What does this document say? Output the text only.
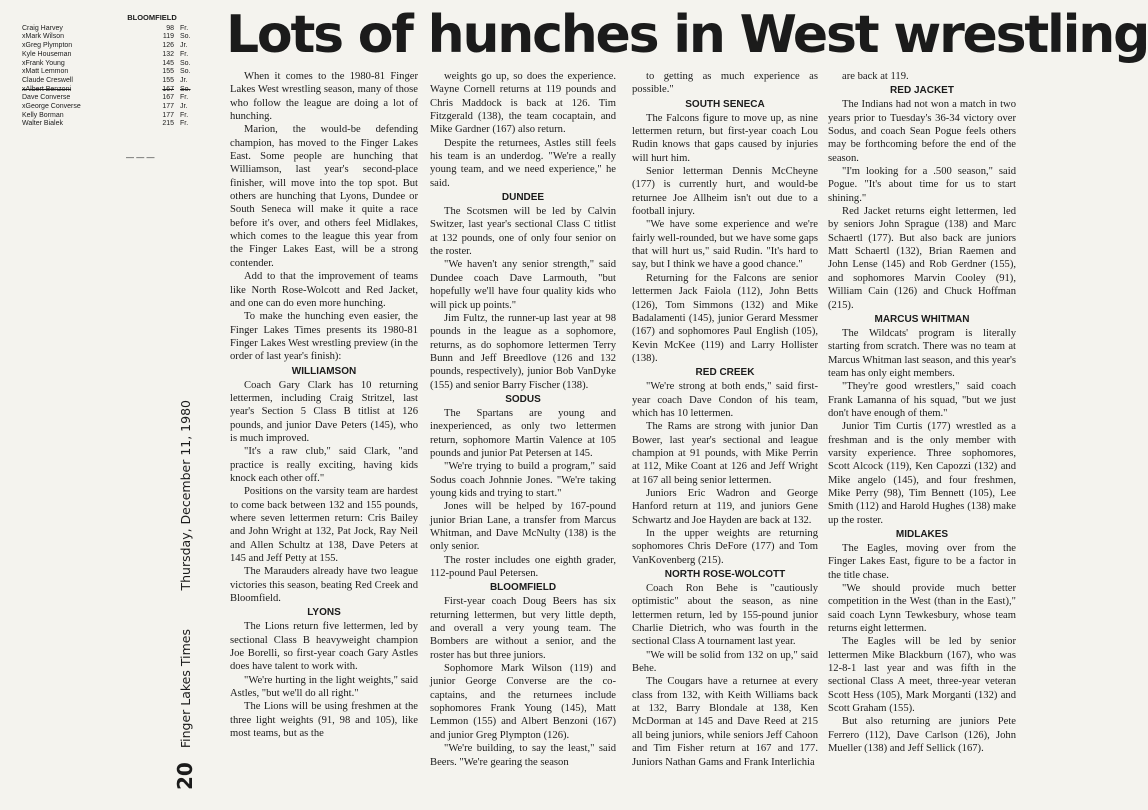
BLOOMFIELD
Craig Harvey	98 Fr.
xMark Wilson	119 So.
xGreg Plympton	126 Jr.
Kyle Houseman	132 Fr.
xFrank Young	145 So.
xMatt Lemmon	155 So.
Claude Creswell	155 Jr.
xAlbert Benzoni	167 So.
Dave Converse	167 Fr.
xGeorge Converse	177 Jr.
Kelly Borman	177 Fr.
Walter Bialek	215 Fr.
— — —
Lots of hunches in West wrestling
20
Finger Lakes Times
Thursday, December 11, 1980

When it comes to the 1980-81 Finger Lakes West wrestling season, many of those who follow the league are doing a lot of hunching.

Marion, the would-be defending champion, has moved to the Finger Lakes East. Some people are hunching that Williamson, last year's second-place finisher, will move into the top spot. But others are hunching that Lyons, Dundee or South Seneca will make it quite a race before it's over, and others feel Midlakes, which comes to the league this year from the Finger Lakes East, will be a strong contender.

Add to that the improvement of teams like North Rose-Wolcott and Red Jacket, and one can do even more hunching.

To make the hunching even easier, the Finger Lakes Times presents its 1980-81 Finger Lakes West wrestling preview (in the order of last year's finish):

WILLIAMSON

Coach Gary Clark has 10 returning lettermen, including Craig Stritzel, last year's Section 5 Class B titlist at 126 pounds, and junior Dave Peters (145), who is much improved.

"It's a raw club," said Clark, "and practice is really exciting, having kids knock each other off."

Positions on the varsity team are hardest to come back between 132 and 155 pounds, where seven lettermen return: Cris Bailey and John Wright at 132, Pat Jock, Ray Neil and Allen Schultz at 138, Dave Peters at 145 and Jeff Petty at 155.

The Marauders already have two league victories this season, beating Red Creek and Bloomfield.

LYONS

The Lions return five lettermen, led by sectional Class B heavyweight champion Joe Borelli, so first-year coach Gary Astles does have talent to work with.

"We're hurting in the light weights," said Astles, "but we'll do all right."

The Lions will be using freshmen at the three light weights (91, 98 and 105), like most teams, but as the

weights go up, so does the experience. Wayne Cornell returns at 119 pounds and Chris Maddock is back at 126. Tim Fitzgerald (138), the team cocaptain, and Mike Gardner (167) also return.

Despite the returnees, Astles still feels his team is an underdog. "We're a really young team, and we need experience," he said.

DUNDEE

The Scotsmen will be led by Calvin Switzer, last year's sectional Class C titlist at 132 pounds, one of only four senior on the roster.

"We haven't any senior strength," said Dundee coach Dave Larmouth, "but hopefully we'll have four quality kids who will pick up points."

Jim Fultz, the runner-up last year at 98 pounds in the league as a sophomore, returns, as do sophomore lettermen Terry Bunn and Jeff Breedlove (126 and 132 pounds, respectively), junior Bob VanDyke (155) and senior Barry Fischer (138).

SODUS

The Spartans are young and inexperienced, as only two lettermen return, sophomore Martin Valence at 105 pounds and junior Pat Petersen at 145.

"We're trying to build a program," said Sodus coach Johnnie Jones. "We're taking young kids and trying to start."

Jones will be helped by 167-pound junior Brian Lane, a transfer from Marcus Whitman, and Dave McNulty (138) is the only senior.

The roster includes one eighth grader, 112-pound Paul Petersen.

BLOOMFIELD

First-year coach Doug Beers has six returning lettermen, but very little depth, and overall a very young team. The Bombers are without a senior, and the roster has but three juniors.

Sophomore Mark Wilson (119) and junior George Converse are the co-captains, and the returnees include sophomores Frank Young (145), Matt Lemmon (155) and Albert Benzoni (167) and junior Greg Plympton (126).

"We're building, to say the least," said Beers. "We're gearing the season

to getting as much experience as possible."

SOUTH SENECA

The Falcons figure to move up, as nine lettermen return, but first-year coach Lou Rudin knows that gaps caused by injuries will hurt him.

Senior letterman Dennis McCheyne (177) is currently hurt, and would-be returnee Joe Allheim isn't out due to a football injury.

"We have some experience and we're fairly well-rounded, but we have some gaps that will hurt us," said Rudin. "It's hard to say, but I think we have a good chance."

Returning for the Falcons are senior lettermen Jack Faiola (112), John Betts (126), Tom Simmons (132) and Mike Badalamenti (145), junior Gerard Messmer (167) and sophomores Paul English (105), Kevin McKee (119) and Larry Hollister (138).

RED CREEK

"We're strong at both ends," said first-year coach Dave Condon of his team, which has 10 lettermen.

The Rams are strong with junior Dan Bower, last year's sectional and league champion at 91 pounds, with Mike Perrin at 112, Mike Coant at 126 and Jeff Wright at 167 all being senior lettermen.

Juniors Eric Wadron and George Hanford return at 119, and juniors Gene Schwartz and Joe Hayden are back at 132.

In the upper weights are returning sophomores Chris DeFore (177) and Tom VanKovenberg (215).

NORTH ROSE-WOLCOTT

Coach Ron Behe is "cautiously optimistic" about the season, as nine lettermen return, led by 155-pound junior Charlie Dietrich, who was fourth in the sectional Class A tournament last year.

"We will be solid from 132 on up," said Behe.

The Cougars have a returnee at every class from 132, with Keith Williams back at 132, Barry Blondale at 138, Ken McDorman at 145 and Dave Reed at 215 all being juniors, while seniors Jeff Cahoon and Tim Fisher return at 167 and 177. Juniors Nathan Gams and Frank Interlichia

are back at 119.

RED JACKET

The Indians had not won a match in two years prior to Tuesday's 36-34 victory over Sodus, and coach Sean Pogue feels others may be forthcoming before the end of the season.

"I'm looking for a .500 season," said Pogue. "It's about time for us to start shining."

Red Jacket returns eight lettermen, led by seniors John Sprague (138) and Marc Schaertl (177). But also back are juniors Matt Schaertl (132), Brian Raemen and John Lense (145) and Rob Gerdner (155), and sophomores Marvin Cooley (91), William Cain (126) and Chuck Hoffman (215).

MARCUS WHITMAN

The Wildcats' program is literally starting from scratch. There was no team at Marcus Whitman last season, and this year's team has only eight members.

"They're good wrestlers," said coach Frank Lamanna of his squad, "but we just don't have enough of them."

Junior Tim Curtis (177) wrestled as a freshman and is the only member with varsity experience. Three sophomores, Scott Alcock (119), Ken Capozzi (132) and Mike angelo (145), and four freshmen, Mike Perry (98), Tim Bennett (105), Lee Smith (112) and Harold Hughes (138) make up the roster.

MIDLAKES

The Eagles, moving over from the Finger Lakes East, figure to be a factor in the title chase.

"We should provide much better competition in the West (than in the East)," said coach Lynn Tewkesbury, whose team returns eight lettermen.

The Eagles will be led by senior lettermen Mike Blackburn (167), who was 12-8-1 last year and was fifth in the sectional Class A meet, three-year veteran Scott Hess (105), Mark Morganti (132) and Scott Graham (155).

But also returning are juniors Pete Ferrero (112), Dave Carlson (126), John Mueller (138) and Jeff Sellick (167).
